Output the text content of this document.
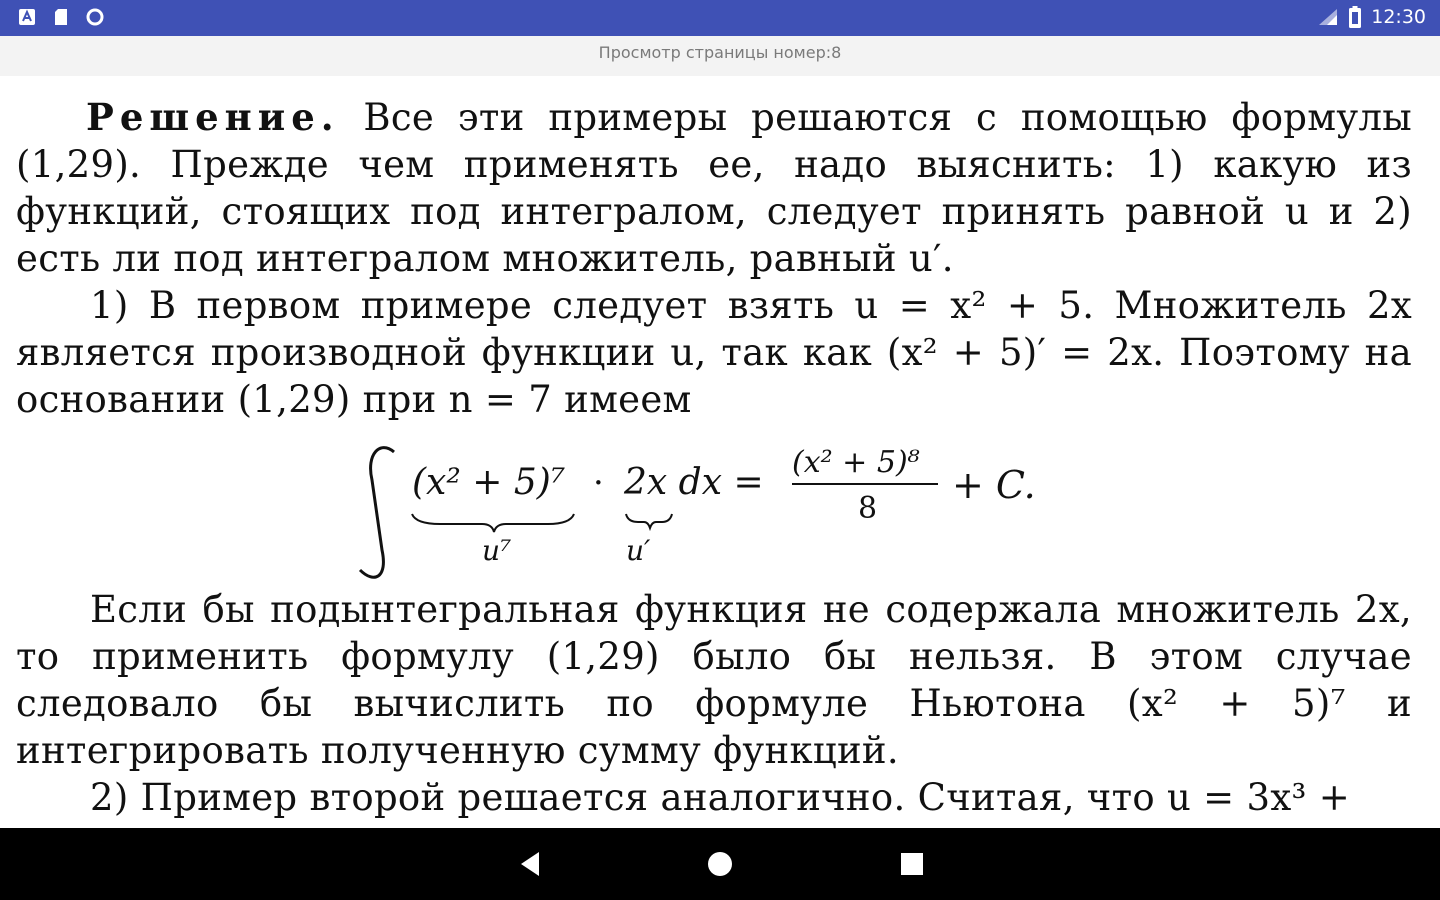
12:30
Просмотр страницы номер:8
Решение. Все эти примеры решаются с помощью формулы (1,29). Прежде чем применять ее, надо выяснить: 1) какую из функций, стоящих под интегралом, следует принять равной u и 2) есть ли под интегралом множитель, равный u′.
1) В первом примере следует взять u = x² + 5. Множитель 2x является производной функции u, так как (x² + 5)′ = 2x. Поэтому на основании (1,29) при n = 7 имеем
(x² + 5)⁷ · 2x dx =
u⁷	u′
(x² + 5)⁸
8
+ C.
Если бы подынтегральная функция не содержала множитель 2x, то применить формулу (1,29) было бы нельзя. В этом случае следовало бы вычислить по формуле Ньютона (x² + 5)⁷ и интегрировать полученную сумму функций.
2) Пример второй решается аналогично. Считая, что u = 3x³ +
